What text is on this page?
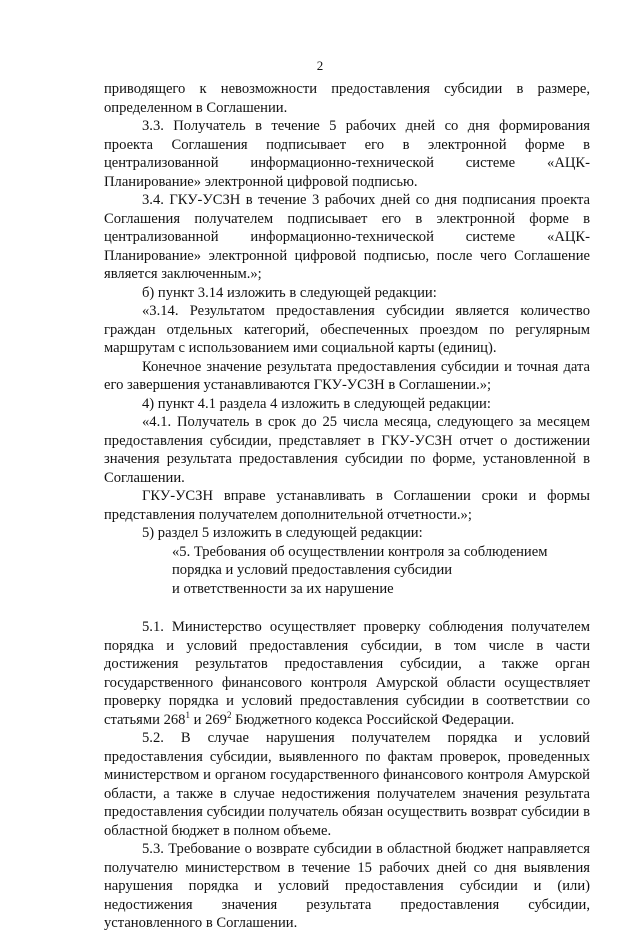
2

приводящего к невозможности предоставления субсидии в размере, определенном в Соглашении.

3.3. Получатель в течение 5 рабочих дней со дня формирования проекта Соглашения подписывает его в электронной форме в централизованной информационно-технической системе «АЦК-Планирование» электронной цифровой подписью.

3.4. ГКУ-УСЗН в течение 3 рабочих дней со дня подписания проекта Соглашения получателем подписывает его в электронной форме в централизованной информационно-технической системе «АЦК-Планирование» электронной цифровой подписью, после чего Соглашение является заключенным.»;

б) пункт 3.14 изложить в следующей редакции:

«3.14. Результатом предоставления субсидии является количество граждан отдельных категорий, обеспеченных проездом по регулярным маршрутам с использованием ими социальной карты (единиц).

Конечное значение результата предоставления субсидии и точная дата его завершения устанавливаются ГКУ-УСЗН в Соглашении.»;

4) пункт 4.1 раздела 4 изложить в следующей редакции:

«4.1. Получатель в срок до 25 числа месяца, следующего за месяцем предоставления субсидии, представляет в ГКУ-УСЗН отчет о достижении значения результата предоставления субсидии по форме, установленной в Соглашении.

ГКУ-УСЗН вправе устанавливать в Соглашении сроки и формы представления получателем дополнительной отчетности.»;

5) раздел 5 изложить в следующей редакции:

«5. Требования об осуществлении контроля за соблюдением
порядка и условий предоставления субсидии
и ответственности за их нарушение

5.1. Министерство осуществляет проверку соблюдения получателем порядка и условий предоставления субсидии, в том числе в части достижения результатов предоставления субсидии, а также орган государственного финансового контроля Амурской области осуществляет проверку порядка и условий предоставления субсидии в соответствии со статьями $268^1$ и $269^2$ Бюджетного кодекса Российской Федерации.

5.2. В случае нарушения получателем порядка и условий предоставления субсидии, выявленного по фактам проверок, проведенных министерством и органом государственного финансового контроля Амурской области, а также в случае недостижения получателем значения результата предоставления субсидии получатель обязан осуществить возврат субсидии в областной бюджет в полном объеме.

5.3. Требование о возврате субсидии в областной бюджет направляется получателю министерством в течение 15 рабочих дней со дня выявления нарушения порядка и условий предоставления субсидии и (или) недостижения значения результата предоставления субсидии, установленного в Соглашении.
